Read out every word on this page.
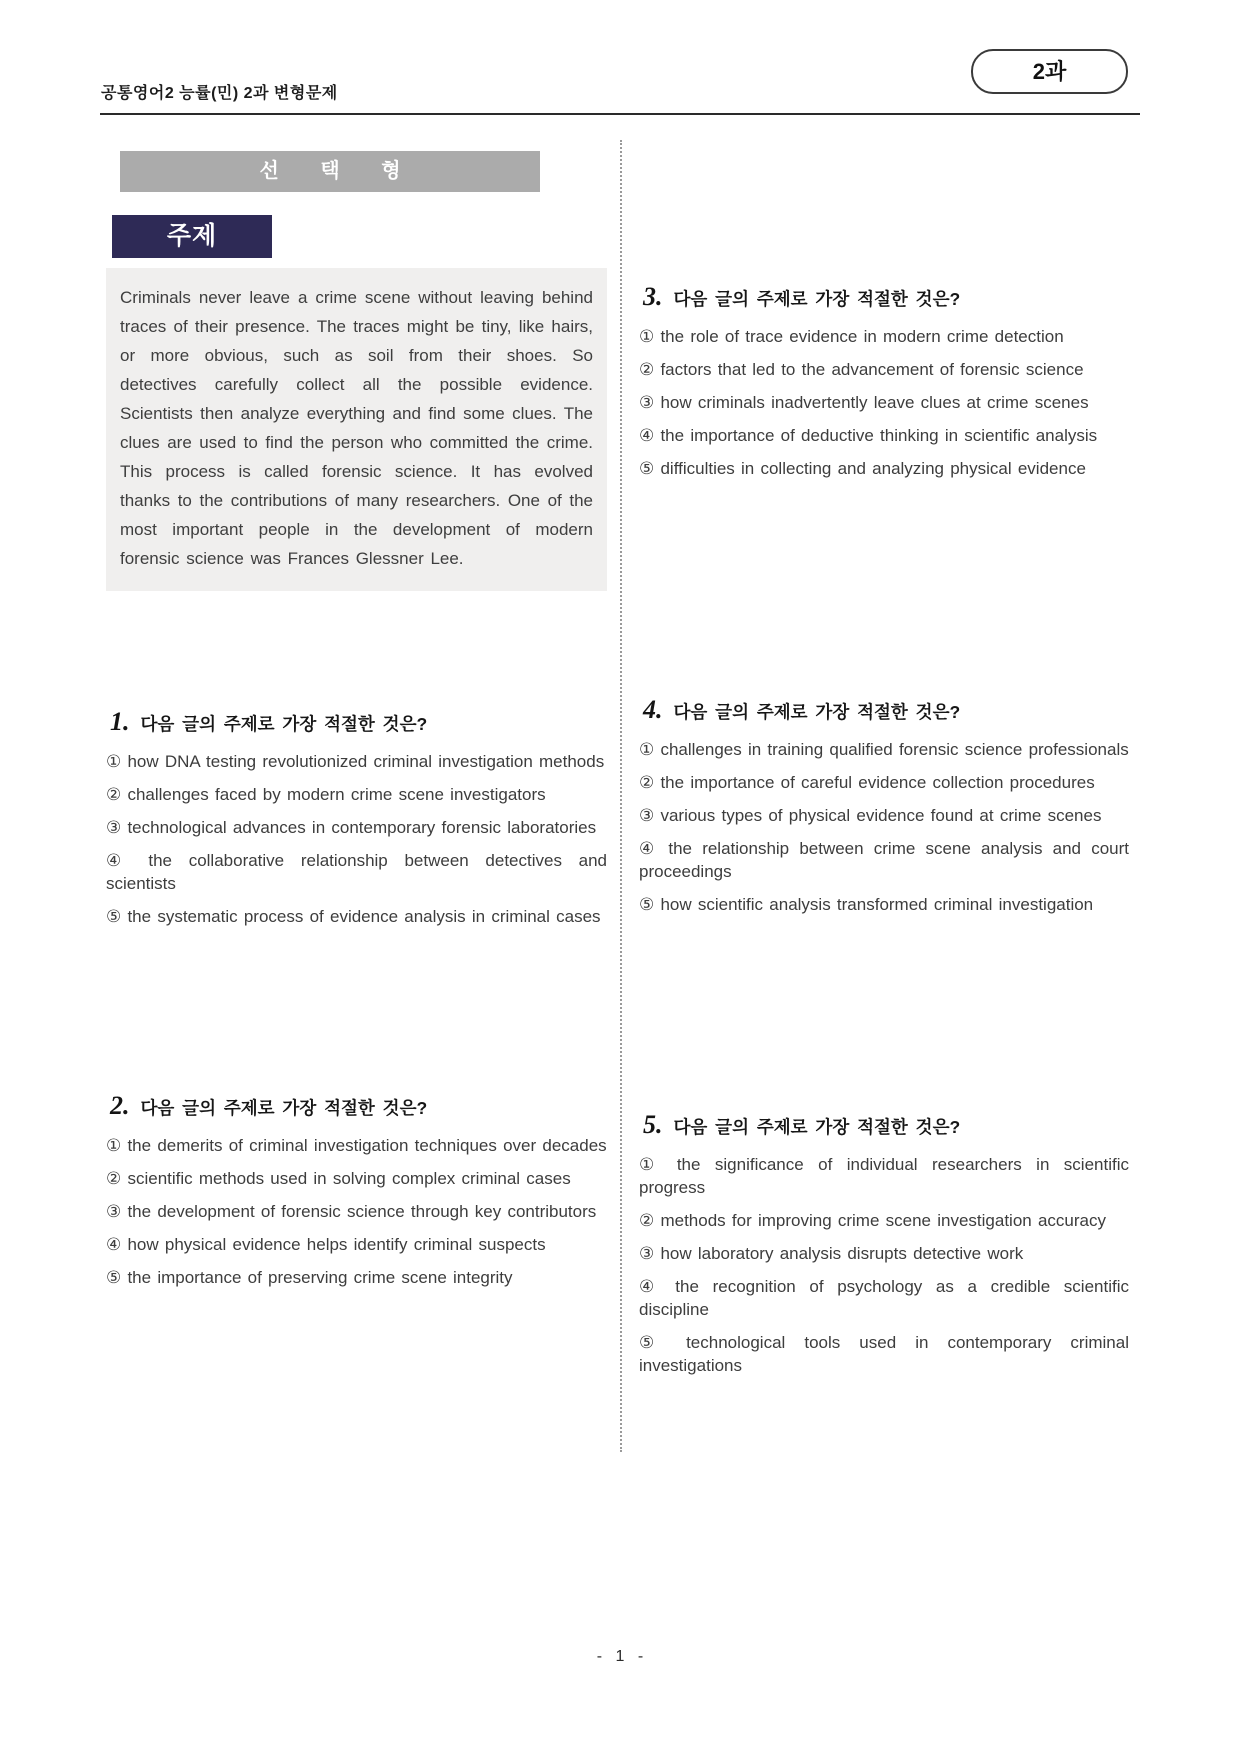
공통영어2 능률(민) 2과 변형문제
2과
선 택 형
주제

Criminals never leave a crime scene without leaving behind traces of their presence. The traces might be tiny, like hairs, or more obvious, such as soil from their shoes. So detectives carefully collect all the possible evidence. Scientists then analyze everything and find some clues. The clues are used to find the person who committed the crime. This process is called forensic science. It has evolved thanks to the contributions of many researchers. One of the most important people in the development of modern forensic science was Frances Glessner Lee.

1. 다음 글의 주제로 가장 적절한 것은?

① how DNA testing revolutionized criminal investigation methods

② challenges faced by modern crime scene investigators

③ technological advances in contemporary forensic laboratories

④ the collaborative relationship between detectives and scientists

⑤ the systematic process of evidence analysis in criminal cases

2. 다음 글의 주제로 가장 적절한 것은?

① the demerits of criminal investigation techniques over decades

② scientific methods used in solving complex criminal cases

③ the development of forensic science through key contributors

④ how physical evidence helps identify criminal suspects

⑤ the importance of preserving crime scene integrity

3. 다음 글의 주제로 가장 적절한 것은?

① the role of trace evidence in modern crime detection

② factors that led to the advancement of forensic science

③ how criminals inadvertently leave clues at crime scenes

④ the importance of deductive thinking in scientific analysis

⑤ difficulties in collecting and analyzing physical evidence

4. 다음 글의 주제로 가장 적절한 것은?

① challenges in training qualified forensic science professionals

② the importance of careful evidence collection procedures

③ various types of physical evidence found at crime scenes

④ the relationship between crime scene analysis and court proceedings

⑤ how scientific analysis transformed criminal investigation

5. 다음 글의 주제로 가장 적절한 것은?

① the significance of individual researchers in scientific progress

② methods for improving crime scene investigation accuracy

③ how laboratory analysis disrupts detective work

④ the recognition of psychology as a credible scientific discipline

⑤ technological tools used in contemporary criminal investigations

- 1 -
